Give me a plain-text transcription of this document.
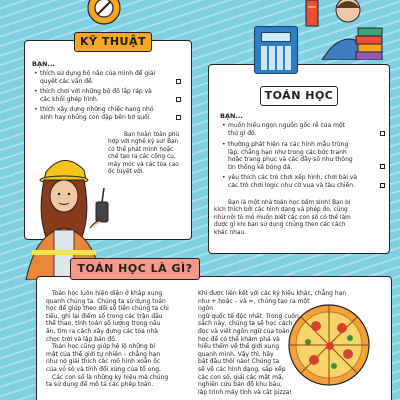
KỸ THUẬT
BẠN...
• thích sử dụng bộ não của mình để giải
quyết các vấn đề.
• thích chơi với những bộ đồ lắp ráp và
các khối ghép hình.
• thích xây dựng những chiếc hang nhỏ
xinh hay những con đập bên bờ suối.
Bạn hoàn toàn phù
hợp với nghề kỹ sư! Bạn
có thể phát minh hoặc
chế tạo ra các công cụ,
máy móc và các tòa cao
ốc tuyệt vời.
TOÁN HỌC
BẠN...
• muốn hiểu ngọn nguồn gốc rễ của một
thứ gì đó.
• thường phát hiện ra các hình mẫu trùng
lặp, chẳng hạn như trong các bức tranh
hoặc trang phục và các dãy số như thông
tin thống kê bóng đá.
• yêu thích các trò chơi xếp hình, chơi bài và
các trò chơi logic như cờ vua và tàu chiến.
Bạn là một nhà toán học bẩm sinh! Bạn bị
kích thích bởi các hình dạng và phép đo, cũng
như nỗi tò mò muốn biết các con số có thể làm
được gì khi bạn sử dụng chúng theo các cách
khác nhau.
TOÁN HỌC LÀ GÌ?
Toán học luôn hiện diện ở khắp xung
quanh chúng ta. Chúng ta sử dụng toán
học để giúp theo dõi số tiền chúng ta chi
tiêu, ghi lại điểm số trong các trận đấu
thể thao, tính toán số lượng trong nấu
ăn, tìm ra cách xây dựng các tòa nhà
chọc trời và lập bản đồ.
Toán học cũng giúp hệ lộ những bí
mật của thế giới tự nhiên – chẳng hạn
như nó giải thích các mô hình xoắn ốc
của vỏ sò và tính đối xứng của tổ ong.
Các con số là những ký hiệu mà chúng
ta sử dụng để mô tả các phép toán.
Khi được liên kết với các ký hiệu khác, chẳng hạn
như + hoặc – và =, chúng tạo ra một ngôn
ngữ quốc tế độc nhất. Trong cuốn
sách này, chúng ta sẽ học cách
đọc và viết ngôn ngữ của toán
học để có thể khám phá và
hiểu thêm về thế giới xung
quanh mình. Vậy thì, hãy
bắt đầu thôi nào! Chúng ta
sẽ về các hình dạng, sắp xếp
các con số, giải các mật mã,
nghiên cứu bản đồ khu báu,
lập trình máy tính và cắt pizza!
